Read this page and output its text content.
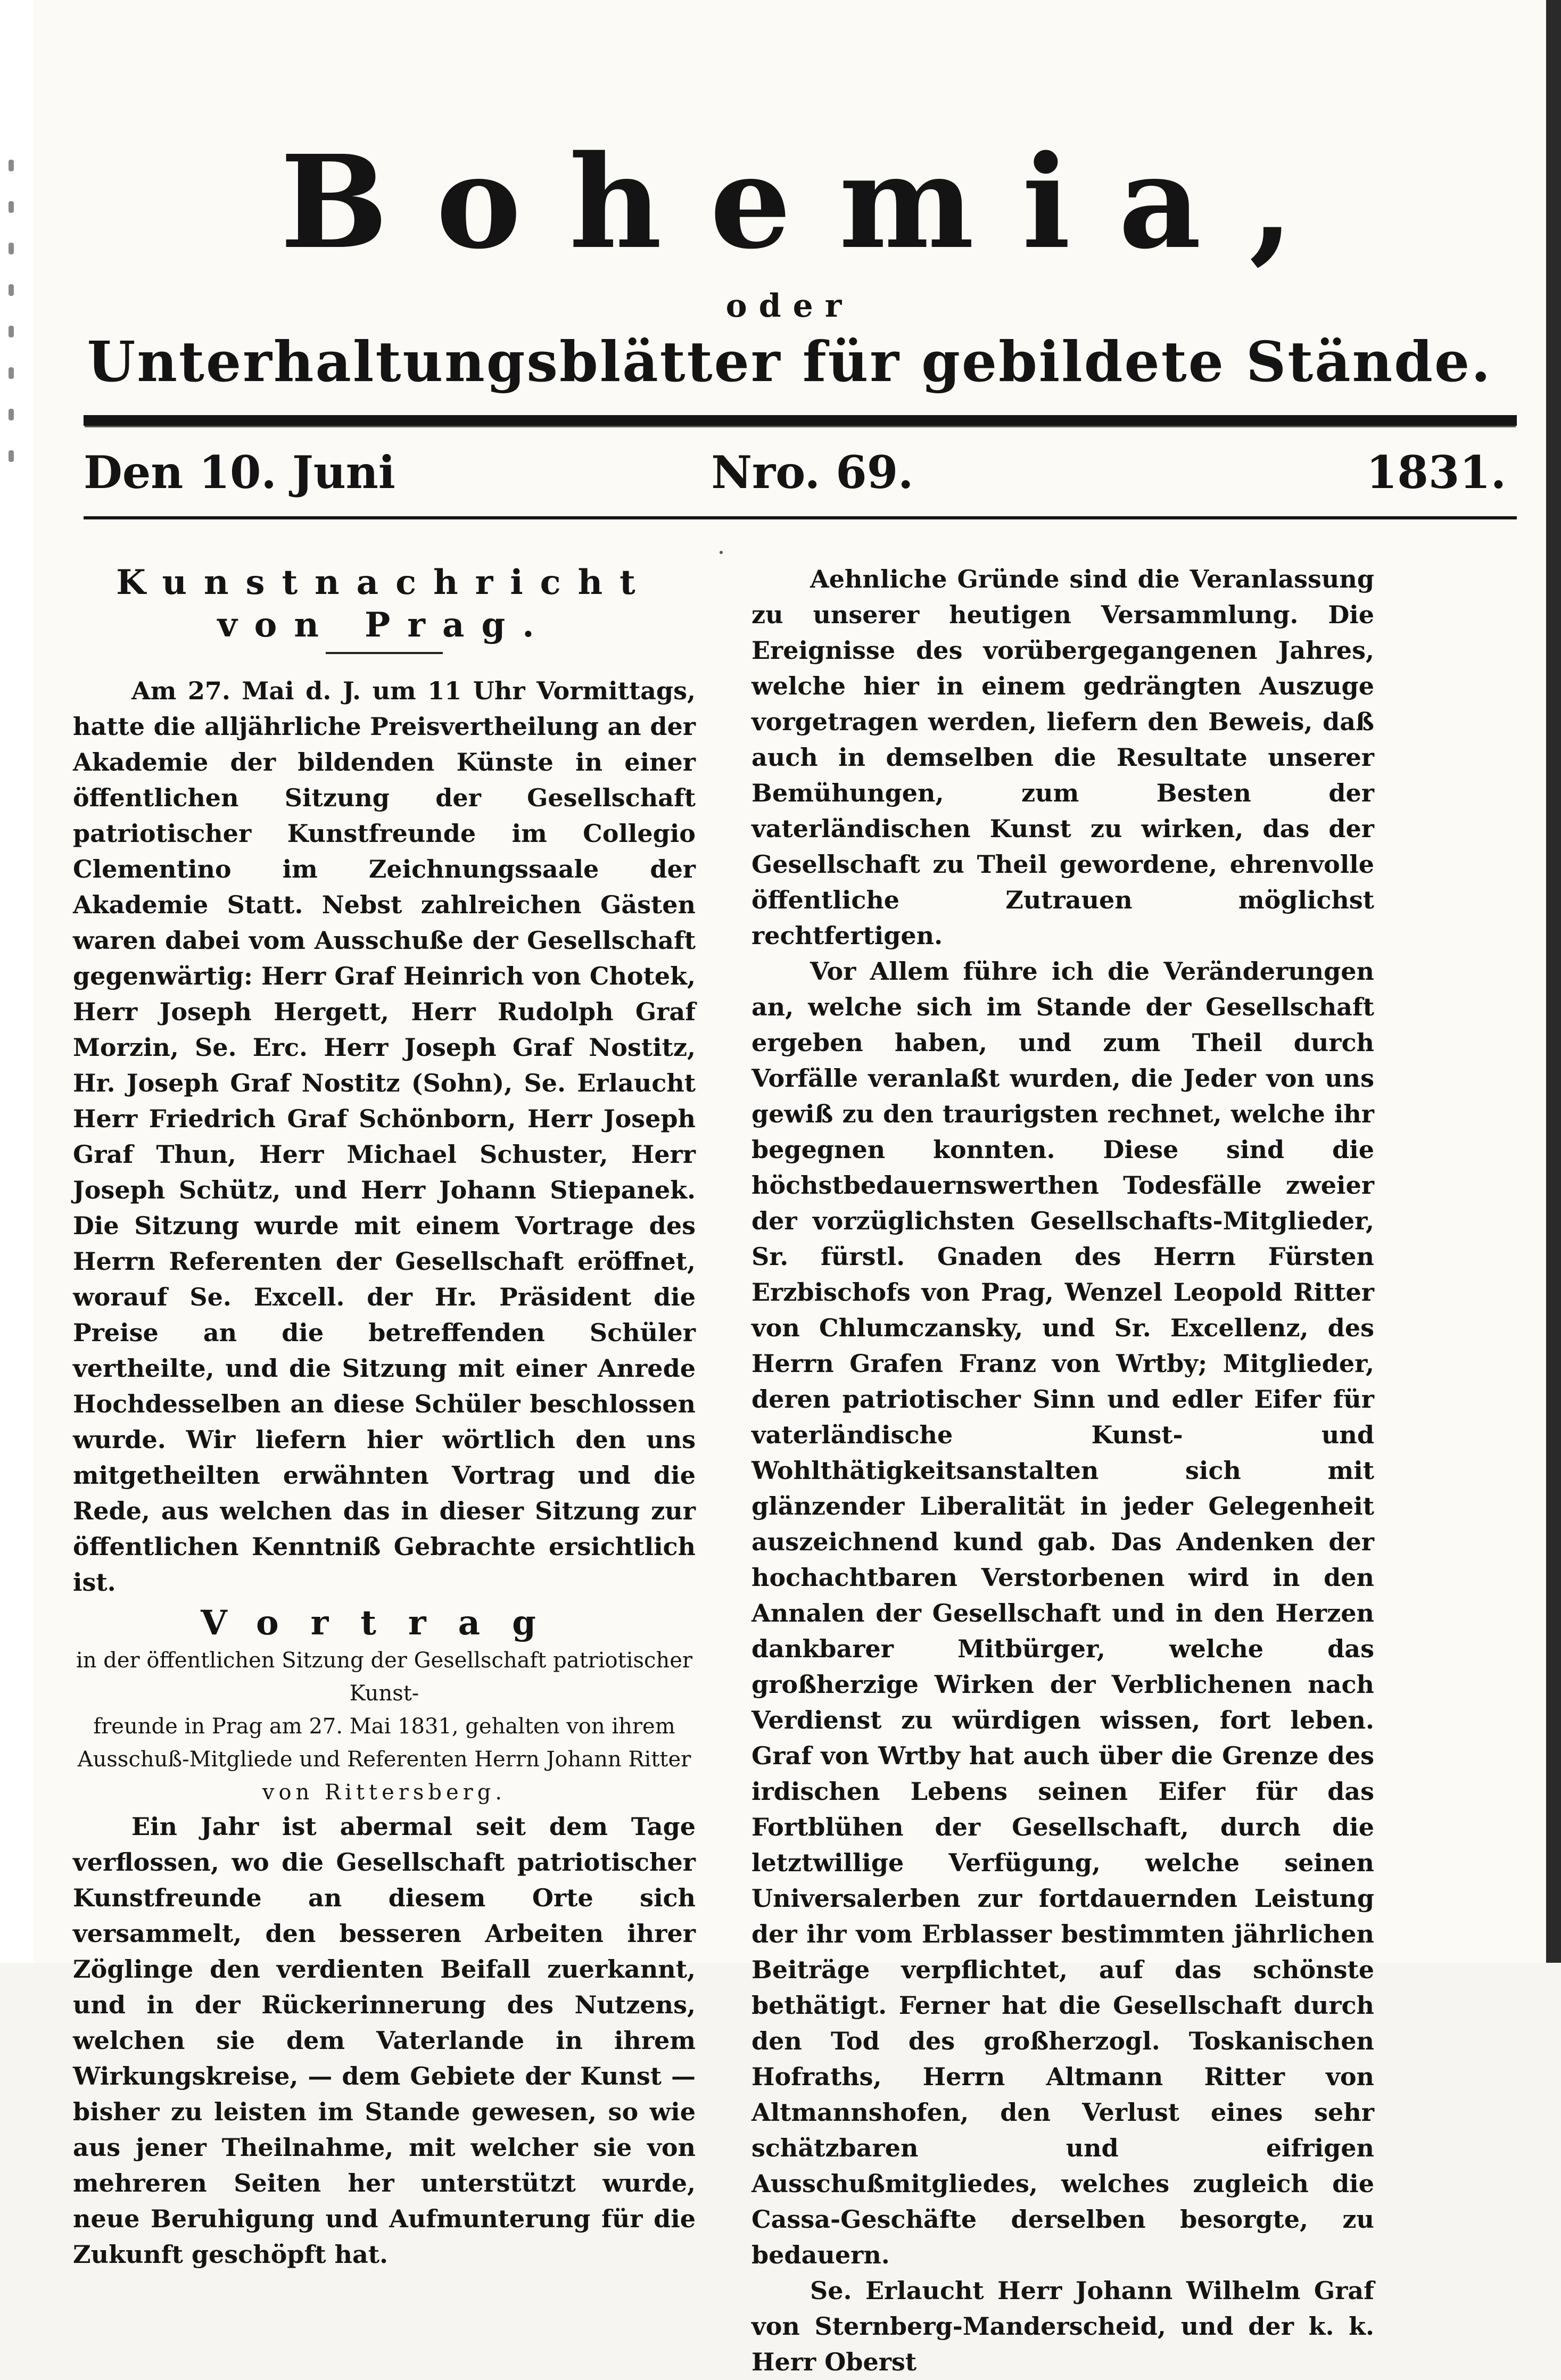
Bohemia,
oder
Unterhaltungsblätter für gebildete Stände.
Den 10. Juni	Nro. 69.	1831.
Kunstnachricht von Prag.

Am 27. Mai d. J. um 11 Uhr Vormittags, hatte die alljährliche Preisvertheilung an der Akademie der bildenden Künste in einer öffentlichen Sitzung der Gesellschaft patriotischer Kunstfreunde im Collegio Clementino im Zeichnungssaale der Akademie Statt. Nebst zahlreichen Gästen waren dabei vom Ausschuße der Gesellschaft gegenwärtig: Herr Graf Heinrich von Chotek, Herr Joseph Hergett, Herr Rudolph Graf Morzin, Se. Erc. Herr Joseph Graf Nostitz, Hr. Joseph Graf Nostitz (Sohn), Se. Erlaucht Herr Friedrich Graf Schönborn, Herr Joseph Graf Thun, Herr Michael Schuster, Herr Joseph Schütz, und Herr Johann Stiepanek. Die Sitzung wurde mit einem Vortrage des Herrn Referenten der Gesellschaft eröffnet, worauf Se. Excell. der Hr. Präsident die Preise an die betreffenden Schüler vertheilte, und die Sitzung mit einer Anrede Hochdesselben an diese Schüler beschlossen wurde. Wir liefern hier wörtlich den uns mitgetheilten erwähnten Vortrag und die Rede, aus welchen das in dieser Sitzung zur öffentlichen Kenntniß Gebrachte ersichtlich ist.

Vortrag
in der öffentlichen Sitzung der Gesellschaft patriotischer Kunst-
freunde in Prag am 27. Mai 1831, gehalten von ihrem
Ausschuß-Mitgliede und Referenten Herrn Johann Ritter
von Rittersberg.

Ein Jahr ist abermal seit dem Tage verflossen, wo die Gesellschaft patriotischer Kunstfreunde an diesem Orte sich versammelt, den besseren Arbeiten ihrer Zöglinge den verdienten Beifall zuerkannt, und in der Rückerinnerung des Nutzens, welchen sie dem Vaterlande in ihrem Wirkungskreise, — dem Gebiete der Kunst — bisher zu leisten im Stande gewesen, so wie aus jener Theilnahme, mit welcher sie von mehreren Seiten her unterstützt wurde, neue Beruhigung und Aufmunterung für die Zukunft geschöpft hat.

Aehnliche Gründe sind die Veranlassung zu unserer heutigen Versammlung. Die Ereignisse des vorübergegangenen Jahres, welche hier in einem gedrängten Auszuge vorgetragen werden, liefern den Beweis, daß auch in demselben die Resultate unserer Bemühungen, zum Besten der vaterländischen Kunst zu wirken, das der Gesellschaft zu Theil gewordene, ehrenvolle öffentliche Zutrauen möglichst rechtfertigen.

Vor Allem führe ich die Veränderungen an, welche sich im Stande der Gesellschaft ergeben haben, und zum Theil durch Vorfälle veranlaßt wurden, die Jeder von uns gewiß zu den traurigsten rechnet, welche ihr begegnen konnten. Diese sind die höchstbedauernswerthen Todesfälle zweier der vorzüglichsten Gesellschafts-Mitglieder, Sr. fürstl. Gnaden des Herrn Fürsten Erzbischofs von Prag, Wenzel Leopold Ritter von Chlumczansky, und Sr. Excellenz, des Herrn Grafen Franz von Wrtby; Mitglieder, deren patriotischer Sinn und edler Eifer für vaterländische Kunst- und Wohlthätigkeitsanstalten sich mit glänzender Liberalität in jeder Gelegenheit auszeichnend kund gab. Das Andenken der hochachtbaren Verstorbenen wird in den Annalen der Gesellschaft und in den Herzen dankbarer Mitbürger, welche das großherzige Wirken der Verblichenen nach Verdienst zu würdigen wissen, fort leben. Graf von Wrtby hat auch über die Grenze des irdischen Lebens seinen Eifer für das Fortblühen der Gesellschaft, durch die letztwillige Verfügung, welche seinen Universalerben zur fortdauernden Leistung der ihr vom Erblasser bestimmten jährlichen Beiträge verpflichtet, auf das schönste bethätigt. Ferner hat die Gesellschaft durch den Tod des großherzogl. Toskanischen Hofraths, Herrn Altmann Ritter von Altmannshofen, den Verlust eines sehr schätzbaren und eifrigen Ausschußmitgliedes, welches zugleich die Cassa-Geschäfte derselben besorgte, zu bedauern.

Se. Erlaucht Herr Johann Wilhelm Graf von Sternberg-Manderscheid, und der k. k. Herr Oberst
